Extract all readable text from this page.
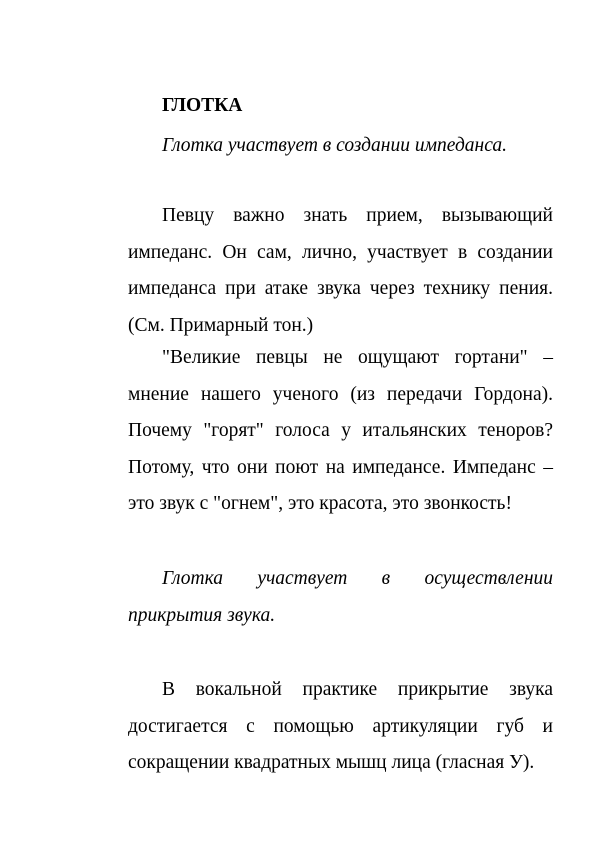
ГЛОТКА
Глотка участвует в создании импеданса.

Певцу важно знать прием, вызывающий импеданс. Он сам, лично, участвует в создании импеданса при атаке звука через технику пения. (См. Примарный тон.)

"Великие певцы не ощущают гортани" – мнение нашего ученого (из передачи Гордона). Почему "горят" голоса у итальянских теноров? Потому, что они поют на импедансе. Импеданс – это звук с "огнем", это красота, это звонкость!

Глотка участвует в осуществлении прикрытия звука.

В вокальной практике прикрытие звука достигается с помощью артикуляции губ и сокращении квадратных мышц лица (гласная У).
